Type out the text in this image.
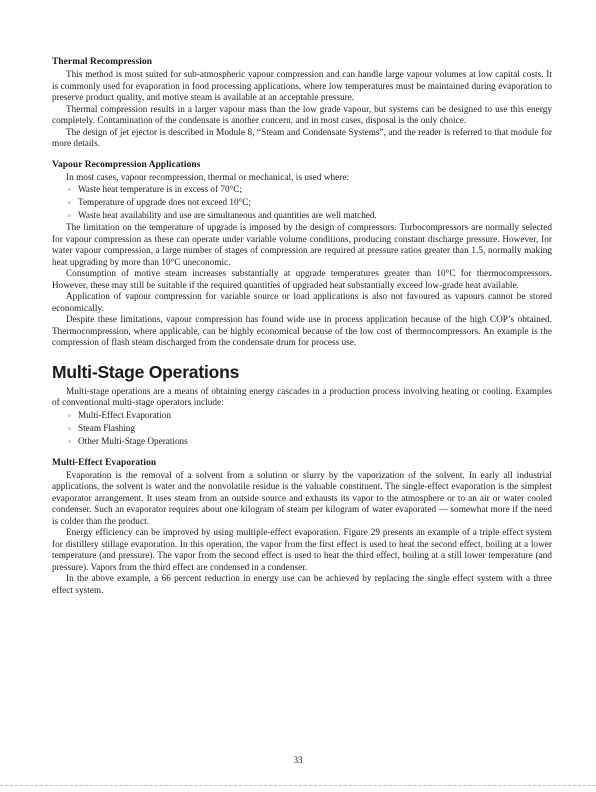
Thermal Recompression

This method is most suited for sub-atmospheric vapour compression and can handle large vapour volumes at low capital costs. It is commonly used for evaporation in food processing applications, where low temperatures must be maintained during evaporation to preserve product quality, and motive steam is available at an acceptable pressure.

Thermal compression results in a larger vapour mass than the low grade vapour, but systems can be designed to use this energy completely. Contamination of the condensate is another concern, and in most cases, disposal is the only choice.

The design of jet ejector is described in Module 8, “Steam and Condensate Systems”, and the reader is referred to that module for more details.

Vapour Recompression Applications

In most cases, vapour recompression, thermal or mechanical, is used where:

◦ Waste heat temperature is in excess of 70°C;
◦ Temperature of upgrade does not exceed 10°C;
◦ Waste heat availability and use are simultaneous and quantities are well matched.

The limitation on the temperature of upgrade is imposed by the design of compressors. Turbocompressors are normally selected for vapour compression as these can operate under variable volume conditions, producing constant discharge pressure. However, for water vapour compression, a large number of stages of compression are required at pressure ratios greater than 1.5, normally making heat upgrading by more than 10°C uneconomic.

Consumption of motive steam increases substantially at upgrade temperatures greater than 10°C for thermocompressors. However, these may still be suitable if the required quantities of upgraded heat substantially exceed low-grade heat available.

Application of vapour compression for variable source or load applications is also not favoured as vapours cannot be stored economically.

Despite these limitations, vapour compression has found wide use in process application because of the high COP’s obtained. Thermocompression, where applicable, can be highly economical because of the low cost of thermocompressors. An example is the compression of flash steam discharged from the condensate drum for process use.

Multi-Stage Operations

Multi-stage operations are a means of obtaining energy cascades in a production process involving heating or cooling. Examples of conventional multi-stage operators include:

◦ Multi-Effect Evaporation
◦ Steam Flashing
◦ Other Multi-Stage Operations
Multi-Effect Evaporation

Evaporation is the removal of a solvent from a solution or slurry by the vaporization of the solvent. In early all industrial applications, the solvent is water and the nonvolatile residue is the valuable constituent. The single-effect evaporation is the simplest evaporator arrangement. It uses steam from an outside source and exhausts its vapor to the atmosphere or to an air or water cooled condenser. Such an evaporator requires about one kilogram of steam per kilogram of water evaporated — somewhat more if the need is colder than the product.

Energy efficiency can be improved by using multiple-effect evaporation. Figure 29 presents an example of a triple effect system for distillery stillage evaporation. In this operation, the vapor from the first effect is used to heat the second effect, boiling at a lower temperature (and pressure). The vapor from the second effect is used to heat the third effect, boiling at a still lower temperature (and pressure). Vapors from the third effect are condensed in a condenser.

In the above example, a 66 percent reduction in energy use can be achieved by replacing the single effect system with a three effect system.

33
